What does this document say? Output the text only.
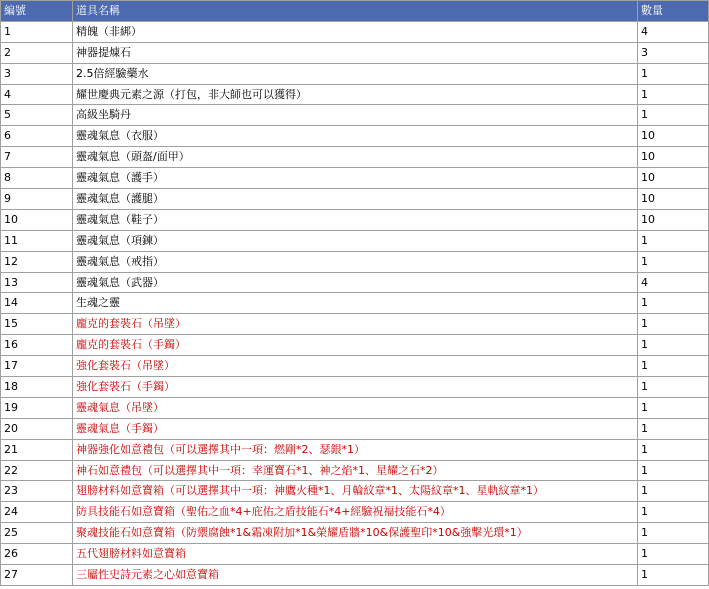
編號	道具名稱	數量
1	精魄（非綁）	4
2	神器提煉石	3
3	2.5倍經驗藥水	1
4	耀世慶典元素之源（打包，非大師也可以獲得）	1
5	高級坐騎丹	1
6	靈魂氣息（衣服）	10
7	靈魂氣息（頭盔/面甲）	10
8	靈魂氣息（護手）	10
9	靈魂氣息（護腿）	10
10	靈魂氣息（鞋子）	10
11	靈魂氣息（項鍊）	1
12	靈魂氣息（戒指）	1
13	靈魂氣息（武器）	4
14	生魂之靈	1
15	龐克的套裝石（吊墜）	1
16	龐克的套裝石（手鐲）	1
17	強化套裝石（吊墜）	1
18	強化套裝石（手鐲）	1
19	靈魂氣息（吊墜）	1
20	靈魂氣息（手鐲）	1
21	神器強化如意禮包（可以選擇其中一項：燃剛*2、瑟銀*1）	1
22	神石如意禮包（可以選擇其中一項：幸運寶石*1、神之焰*1、星耀之石*2）	1
23	翅膀材料如意寶箱（可以選擇其中一項：神鷹火種*1、月輪紋章*1、太陽紋章*1、星軌紋章*1）	1
24	防具技能石如意寶箱（聖佑之血*4+庇佑之盾技能石*4+經驗祝福技能石*4）	1
25	聚魂技能石如意寶箱（防禦腐蝕*1&霜凍附加*1&榮耀盾牆*10&保護聖印*10&強擊光環*1）	1
26	五代翅膀材料如意寶箱	1
27	三屬性史詩元素之心如意寶箱	1
